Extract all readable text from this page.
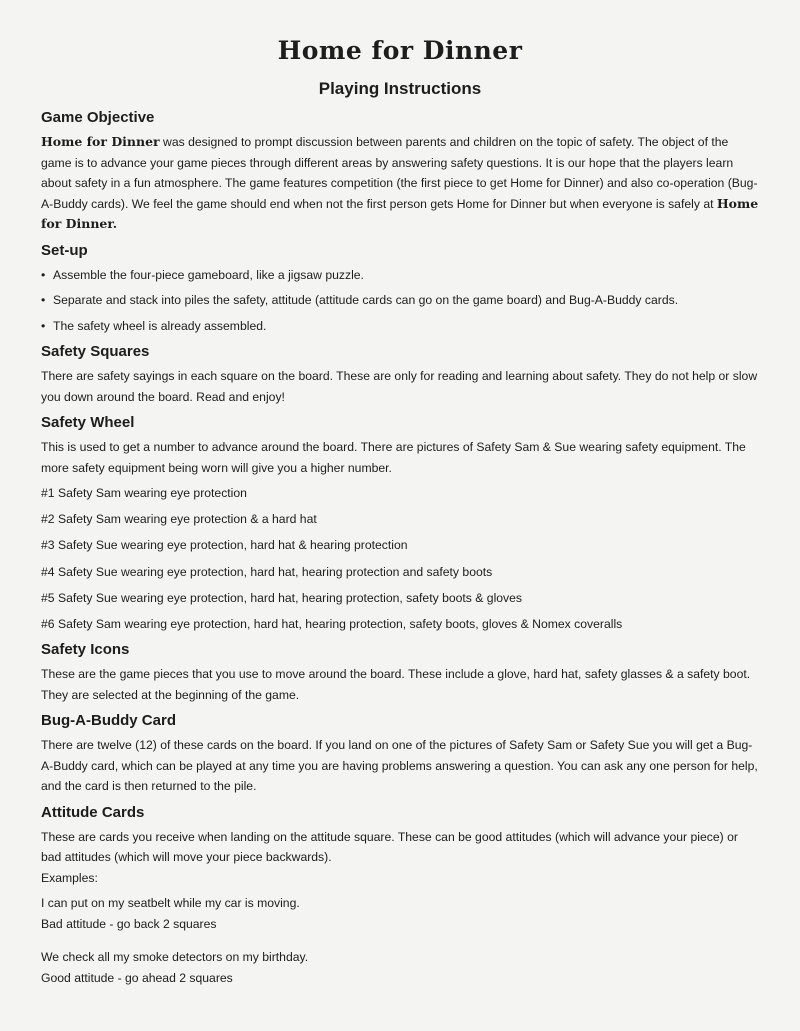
Home for Dinner
Playing Instructions
Game Objective

Home for Dinner was designed to prompt discussion between parents and children on the topic of safety. The object of the game is to advance your game pieces through different areas by answering safety questions. It is our hope that the players learn about safety in a fun atmosphere. The game features competition (the first piece to get Home for Dinner) and also co-operation (Bug-A-Buddy cards). We feel the game should end when not the first person gets Home for Dinner but when everyone is safely at Home for Dinner.

Set-up
• Assemble the four-piece gameboard, like a jigsaw puzzle.
• Separate and stack into piles the safety, attitude (attitude cards can go on the game board) and Bug-A-Buddy cards.
• The safety wheel is already assembled.
Safety Squares

There are safety sayings in each square on the board. These are only for reading and learning about safety. They do not help or slow you down around the board. Read and enjoy!

Safety Wheel

This is used to get a number to advance around the board. There are pictures of Safety Sam & Sue wearing safety equipment. The more safety equipment being worn will give you a higher number.

#1 Safety Sam wearing eye protection
#2 Safety Sam wearing eye protection & a hard hat
#3 Safety Sue wearing eye protection, hard hat & hearing protection
#4 Safety Sue wearing eye protection, hard hat, hearing protection and safety boots
#5 Safety Sue wearing eye protection, hard hat, hearing protection, safety boots & gloves
#6 Safety Sam wearing eye protection, hard hat, hearing protection, safety boots, gloves & Nomex coveralls
Safety Icons

These are the game pieces that you use to move around the board. These include a glove, hard hat, safety glasses & a safety boot. They are selected at the beginning of the game.

Bug-A-Buddy Card

There are twelve (12) of these cards on the board. If you land on one of the pictures of Safety Sam or Safety Sue you will get a Bug-A-Buddy card, which can be played at any time you are having problems answering a question. You can ask any one person for help, and the card is then returned to the pile.

Attitude Cards

These are cards you receive when landing on the attitude square. These can be good attitudes (which will advance your piece) or bad attitudes (which will move your piece backwards).

Examples:

I can put on my seatbelt while my car is moving.

Bad attitude - go back 2 squares

We check all my smoke detectors on my birthday.

Good attitude - go ahead 2 squares
